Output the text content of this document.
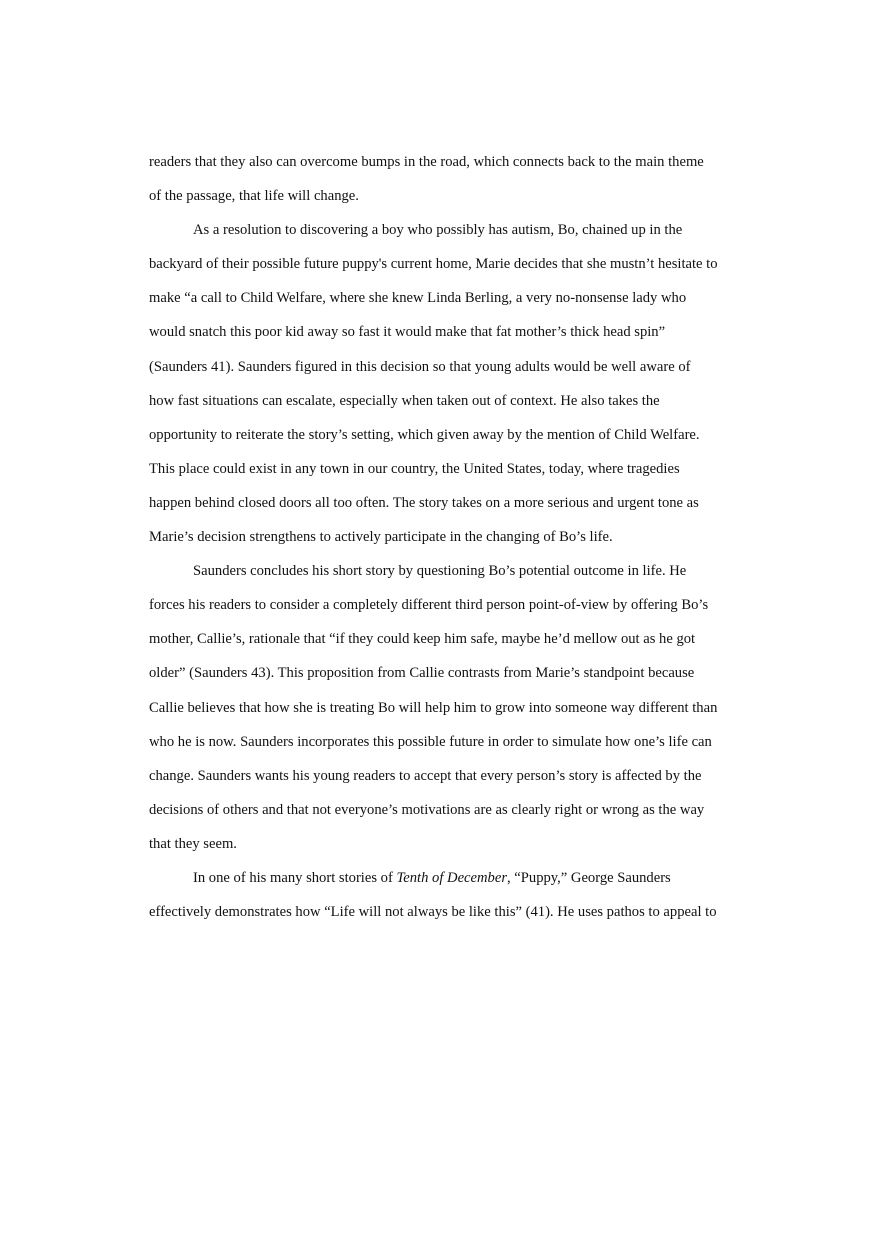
readers that they also can overcome bumps in the road, which connects back to the main theme
of the passage, that life will change.

As a resolution to discovering a boy who possibly has autism, Bo, chained up in the
backyard of their possible future puppy's current home, Marie decides that she mustn’t hesitate to
make “a call to Child Welfare, where she knew Linda Berling, a very no-nonsense lady who
would snatch this poor kid away so fast it would make that fat mother’s thick head spin”
(Saunders 41). Saunders figured in this decision so that young adults would be well aware of
how fast situations can escalate, especially when taken out of context. He also takes the
opportunity to reiterate the story’s setting, which given away by the mention of Child Welfare.
This place could exist in any town in our country, the United States, today, where tragedies
happen behind closed doors all too often. The story takes on a more serious and urgent tone as
Marie’s decision strengthens to actively participate in the changing of Bo’s life.

Saunders concludes his short story by questioning Bo’s potential outcome in life. He
forces his readers to consider a completely different third person point-of-view by offering Bo’s
mother, Callie’s, rationale that “if they could keep him safe, maybe he’d mellow out as he got
older” (Saunders 43). This proposition from Callie contrasts from Marie’s standpoint because
Callie believes that how she is treating Bo will help him to grow into someone way different than
who he is now. Saunders incorporates this possible future in order to simulate how one’s life can
change. Saunders wants his young readers to accept that every person’s story is affected by the
decisions of others and that not everyone’s motivations are as clearly right or wrong as the way
that they seem.

In one of his many short stories of Tenth of December, “Puppy,” George Saunders
effectively demonstrates how “Life will not always be like this” (41). He uses pathos to appeal to
